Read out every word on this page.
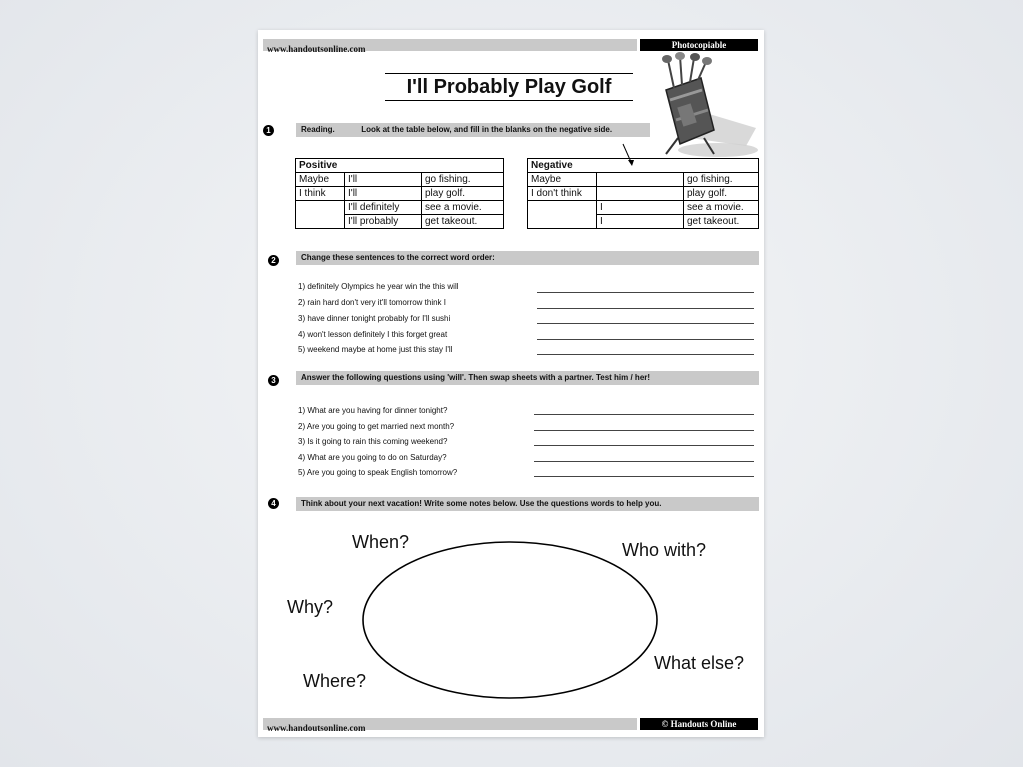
www.handoutsonline.com	Photocopiable
I'll Probably Play Golf
1	Reading.	Look at the table below, and fill in the blanks on the negative side.
Positive		
Maybe	I'll	go fishing.
I think	I'll	play golf.
	I'll definitely	see a movie.
	I'll probably	get takeout.
Negative		
Maybe		go fishing.
I don't think		play golf.
	I	see a movie.
	I	get takeout.
2	Change these sentences to the correct word order:
1) definitely Olympics he year win the this will
2) rain hard don't very it'll tomorrow think I
3) have dinner tonight probably for I'll sushi
4) won't lesson definitely I this forget great
5) weekend maybe at home just this stay I'll
3	Answer the following questions using 'will'. Then swap sheets with a partner. Test him / her!
1) What are you having for dinner tonight?
2) Are you going to get married next month?
3) Is it going to rain this coming weekend?
4) What are you going to do on Saturday?
5) Are you going to speak English tomorrow?
4	Think about your next vacation! Write some notes below. Use the questions words to help you.
When?	Who with?
Why?
What else?
Where?
www.handoutsonline.com	© Handouts Online
